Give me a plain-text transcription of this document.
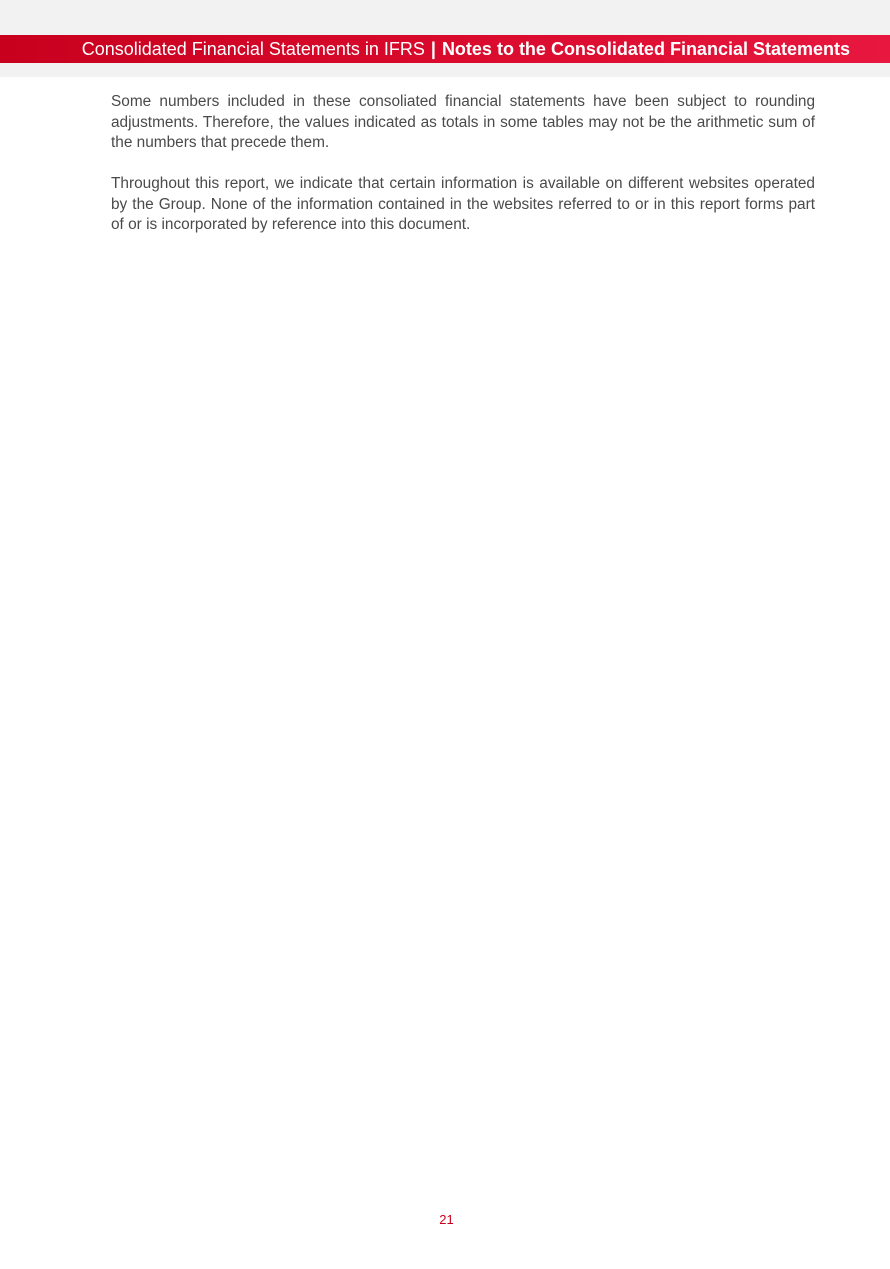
Consolidated Financial Statements in IFRS | Notes to the Consolidated Financial Statements

Some numbers included in these consoliated financial statements have been subject to rounding adjustments. Therefore, the values indicated as totals in some tables may not be the arithmetic sum of the numbers that precede them.

Throughout this report, we indicate that certain information is available on different websites operated by the Group. None of the information contained in the websites referred to or in this report forms part of or is incorporated by reference into this document.

21
